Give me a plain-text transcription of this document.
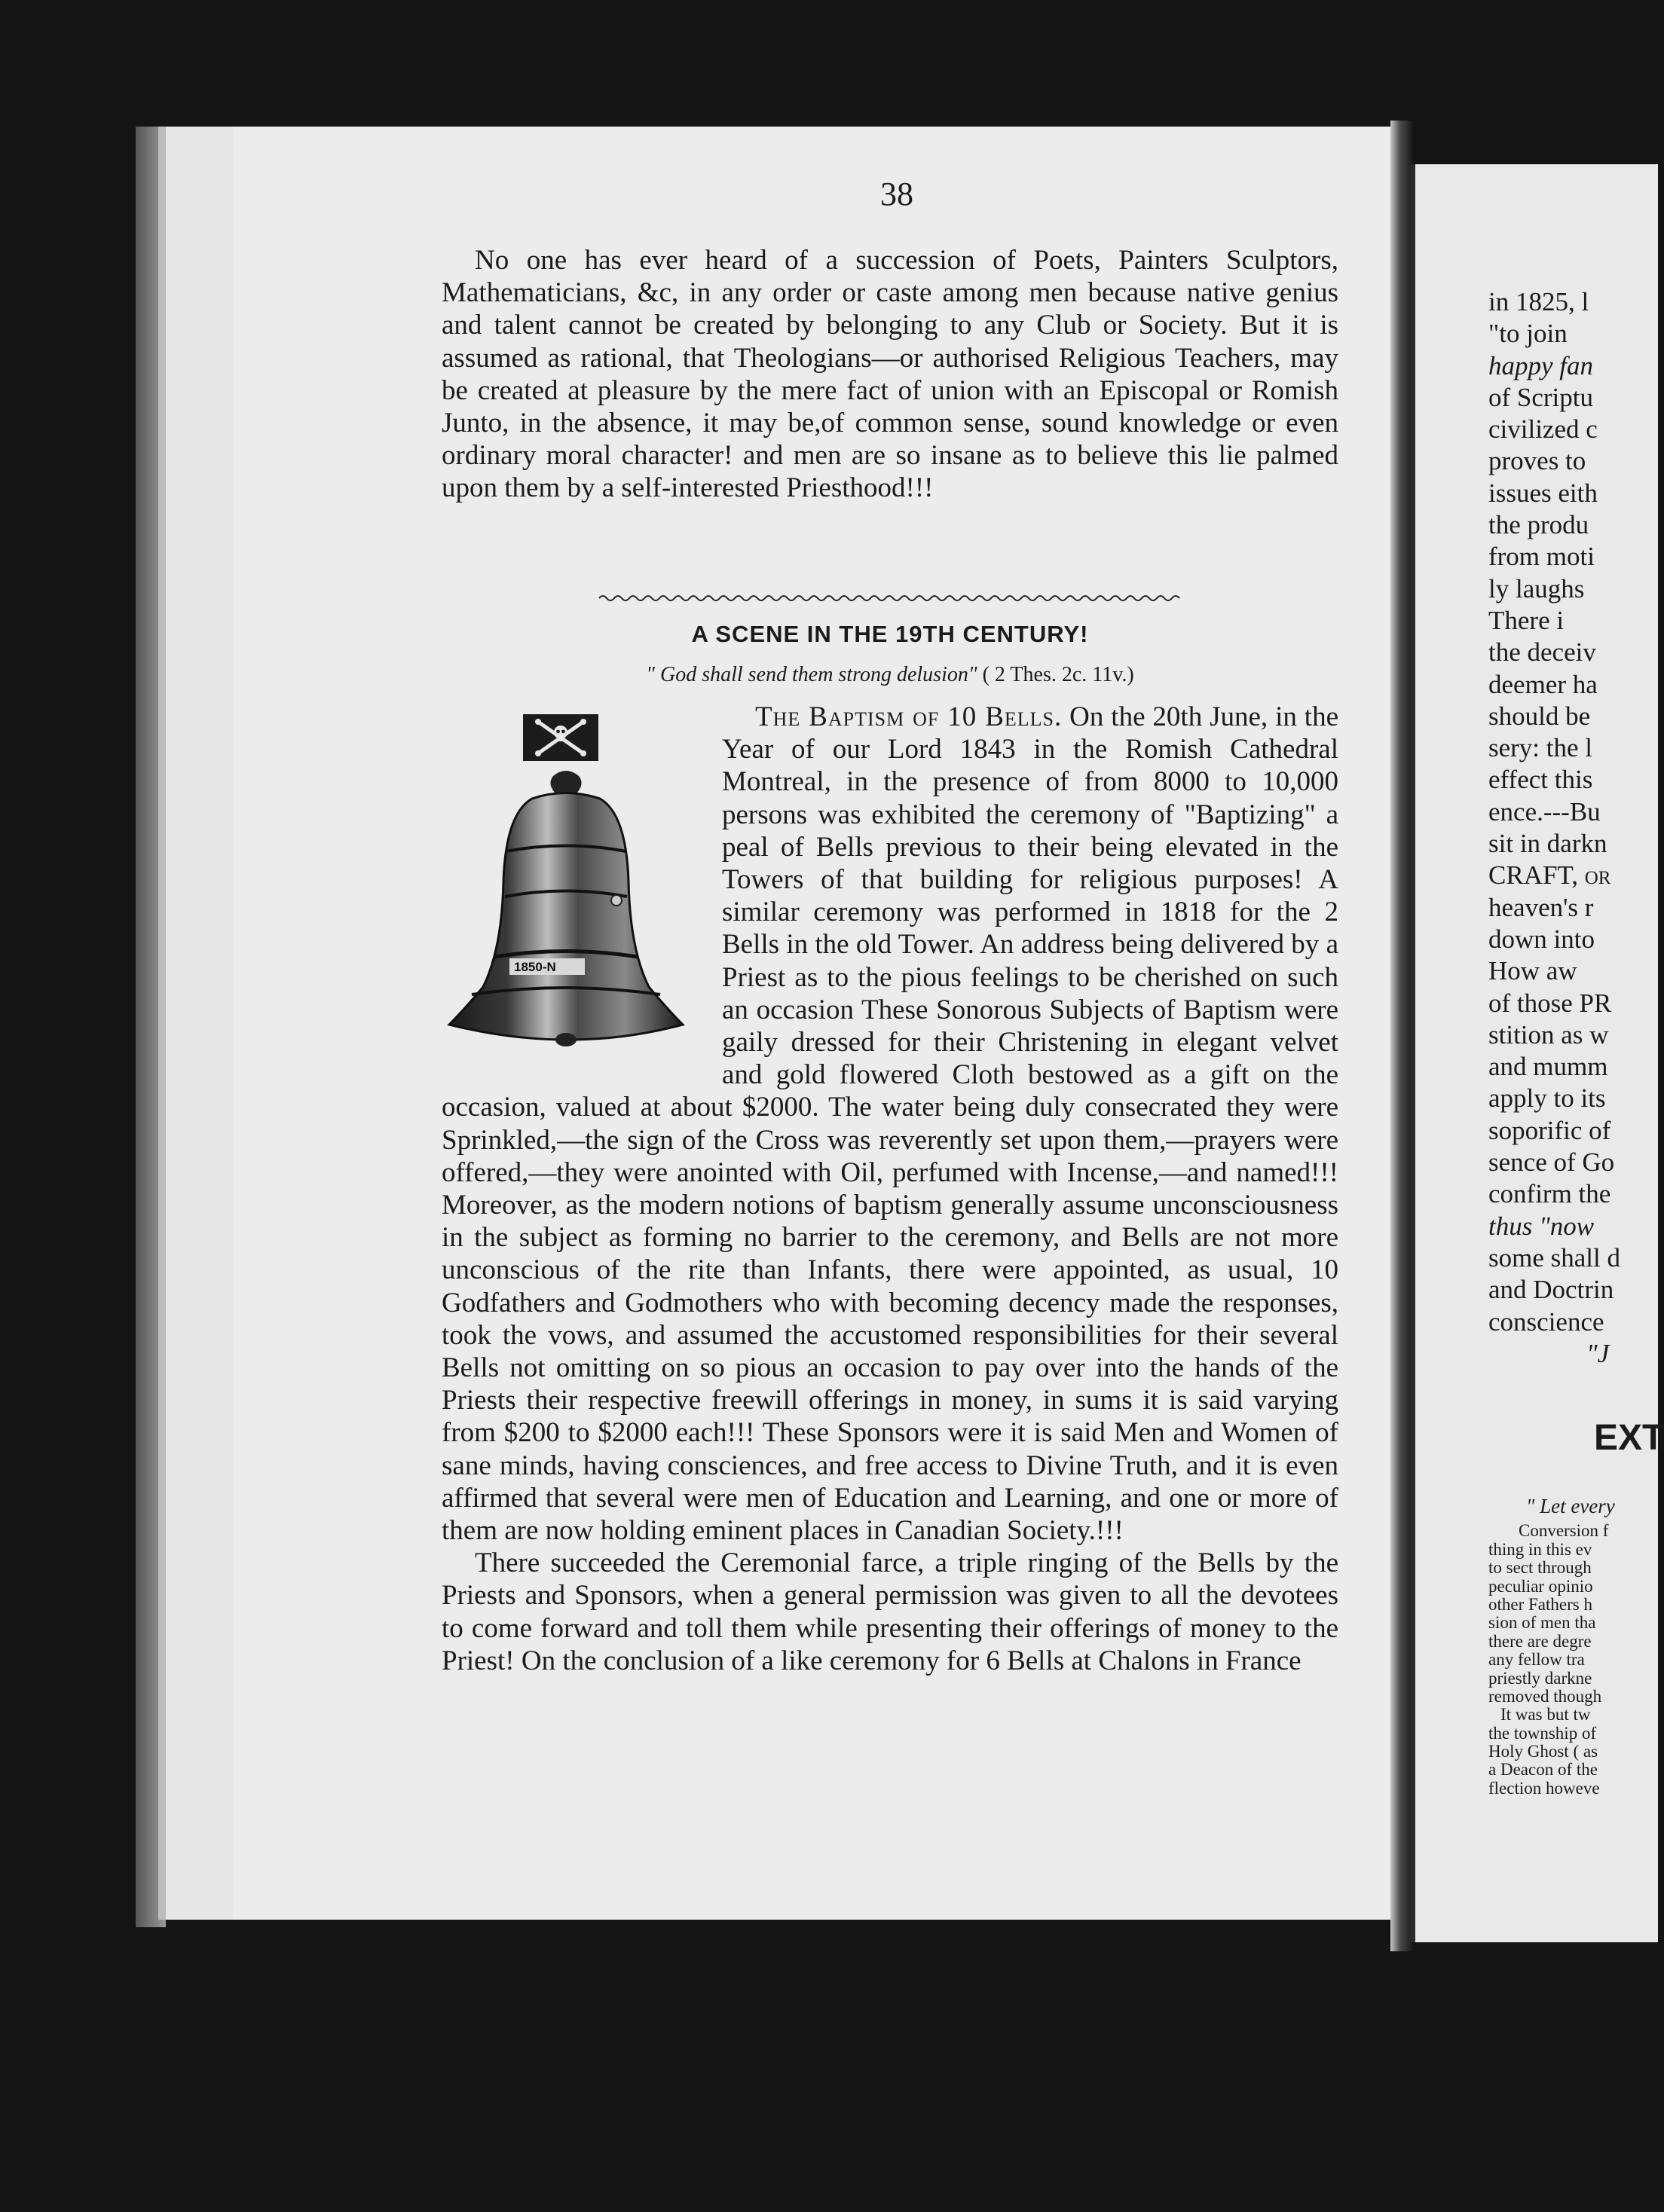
38

No one has ever heard of a succession of Poets, Painters Sculptors, Mathematicians, &c, in any order or caste among men because native genius and talent cannot be created by belonging to any Club or Society. But it is assumed as rational, that Theologians—or authorised Religious Teachers, may be created at pleasure by the mere fact of union with an Episcopal or Romish Junto, in the absence, it may be,of common sense, sound knowledge or even ordinary moral character! and men are so insane as to believe this lie palmed upon them by a self-interested Priesthood!!!

A SCENE IN THE 19TH CENTURY!
" God shall send them strong delusion" ( 2 Thes. 2c. 11v.)
1850-N

The Baptism of 10 Bells. On the 20th June, in the Year of our Lord 1843 in the Romish Cathedral Montreal, in the presence of from 8000 to 10,000 persons was exhibited the ceremony of "Baptizing" a peal of Bells previous to their being elevated in the Towers of that building for religious purposes! A similar ceremony was performed in 1818 for the 2 Bells in the old Tower. An address being delivered by a Priest as to the pious feelings to be cherished on such an occasion These Sonorous Subjects of Baptism were gaily dressed for their Christening in elegant velvet and gold flowered Cloth bestowed as a gift on the occasion, valued at about $2000. The water being duly consecrated they were Sprinkled,—the sign of the Cross was reverently set upon them,—prayers were offered,—they were anointed with Oil, perfumed with Incense,—and named!!! Moreover, as the modern notions of baptism generally assume unconsciousness in the subject as forming no barrier to the ceremony, and Bells are not more unconscious of the rite than Infants, there were appointed, as usual, 10 Godfathers and Godmothers who with becoming decency made the responses, took the vows, and assumed the accustomed responsibilities for their several Bells not omitting on so pious an occasion to pay over into the hands of the Priests their respective freewill offerings in money, in sums it is said varying from $200 to $2000 each!!! These Sponsors were it is said Men and Women of sane minds, having consciences, and free access to Divine Truth, and it is even affirmed that several were men of Education and Learning, and one or more of them are now holding eminent places in Canadian Society.!!!

There succeeded the Ceremonial farce, a triple ringing of the Bells by the Priests and Sponsors, when a general permission was given to all the devotees to come forward and toll them while presenting their offerings of money to the Priest! On the conclusion of a like ceremony for 6 Bells at Chalons in France

in 1825, l
"to join
happy fan
of Scriptu
civilized c
proves to
issues eith
the produ
from moti
ly laughs
There i
the deceiv
deemer ha
should be
sery: the l
effect this
ence.---Bu
sit in darkn
CRAFT, or
heaven's r
down into
How aw
of those PR
stition as w
and mumm
apply to its
soporific of
sence of Go
confirm the
thus "now
some shall d
and Doctrin
conscience
"J
EXT
" Let every
Conversion f
thing in this ev
to sect through
peculiar opinio
other Fathers h
sion of men tha
there are degre
any fellow tra
priestly darkne
removed though
It was but tw
the township of
Holy Ghost ( as
a Deacon of the
flection howeve
